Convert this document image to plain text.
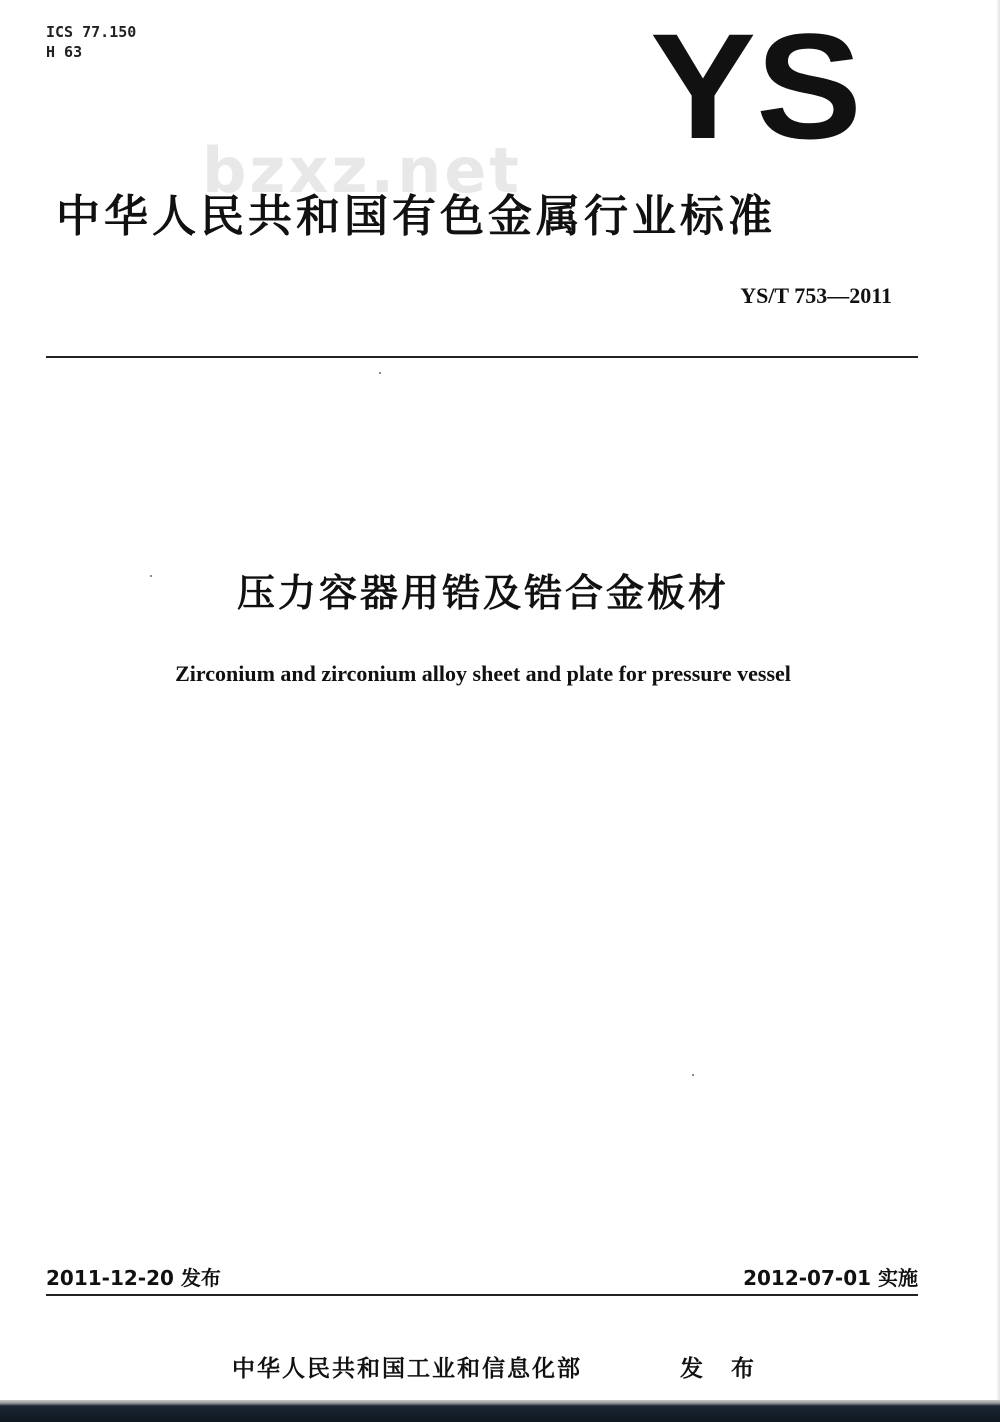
ICS 77.150
H 63	YS
bzxz.net
中华人民共和国有色金属行业标准
YS/T 753—2011
压力容器用锆及锆合金板材
Zirconium and zirconium alloy sheet and plate for pressure vessel
2011-12-20 发布	2012-07-01 实施
中华人民共和国工业和信息化部	发 布
